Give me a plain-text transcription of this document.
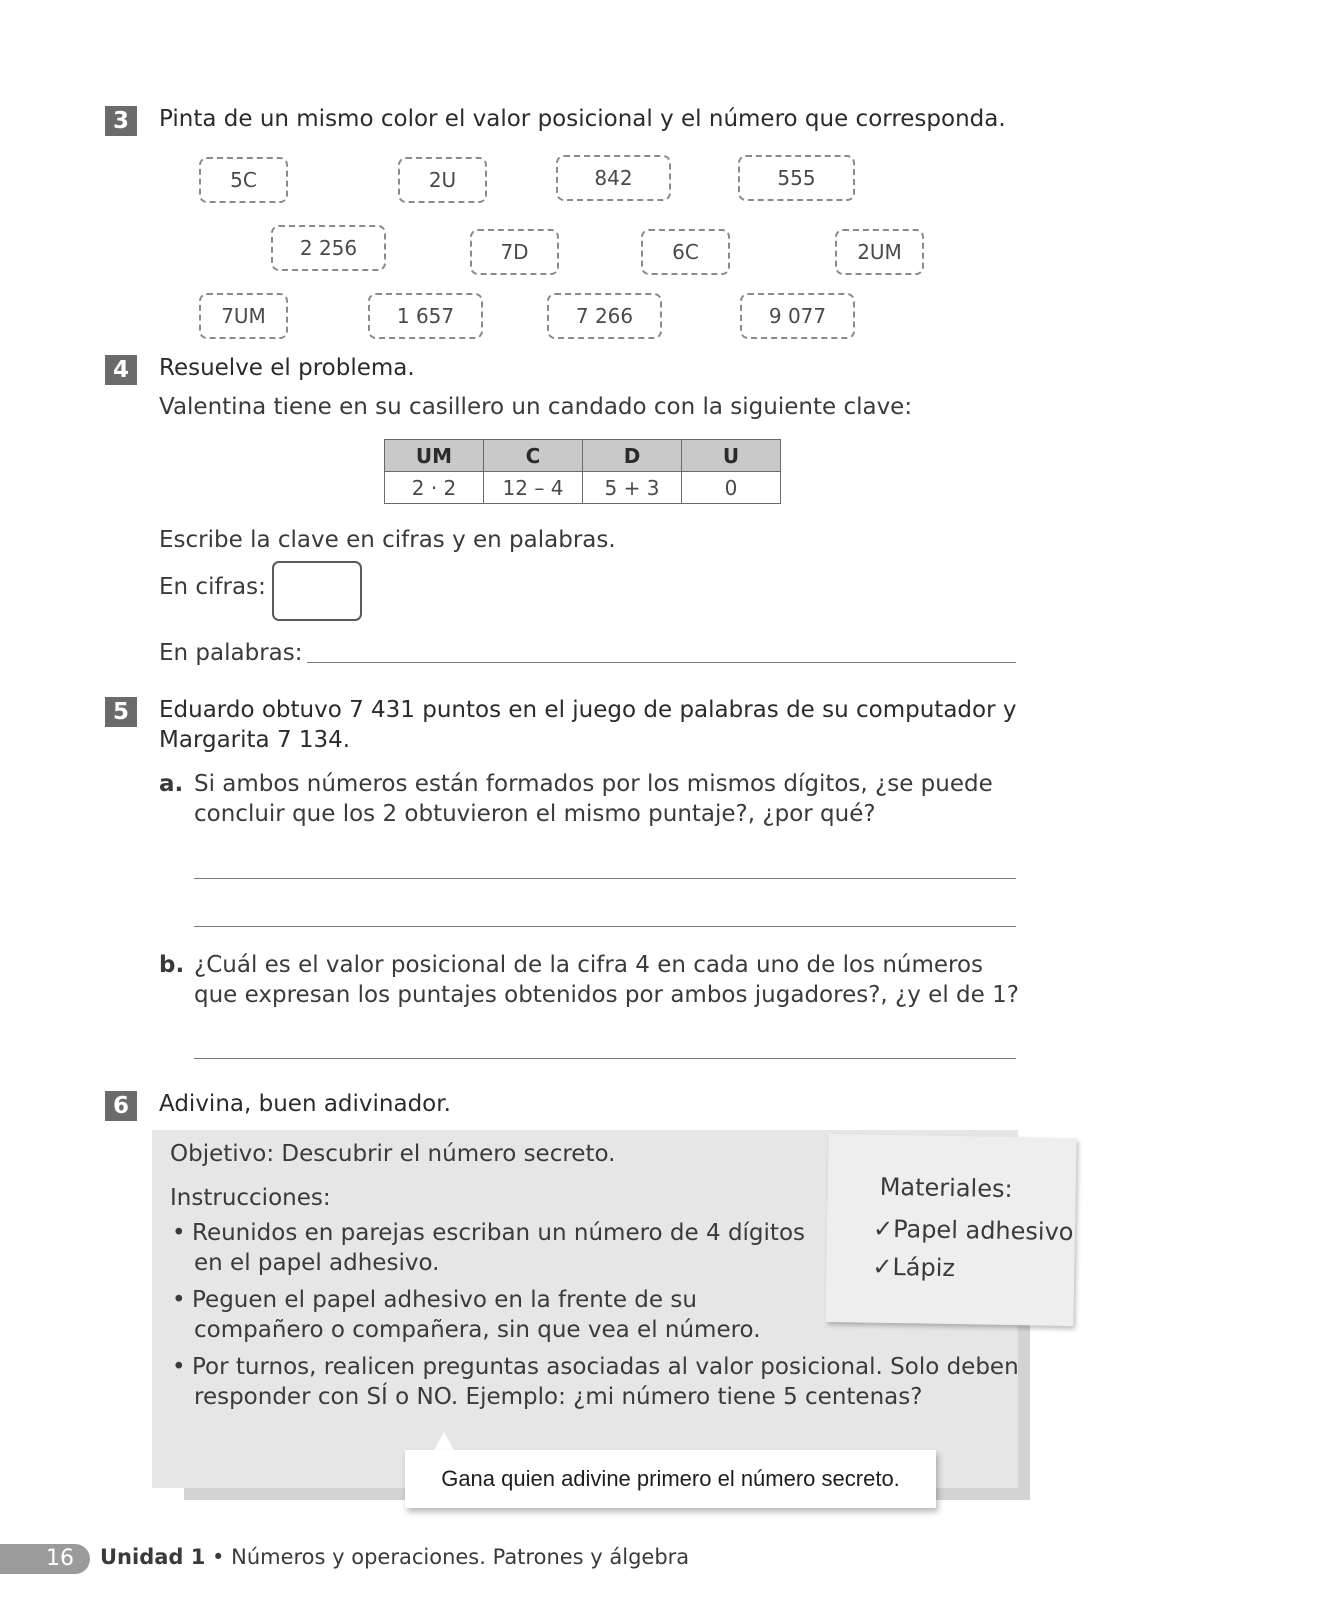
3	Pinta de un mismo color el valor posicional y el número que corresponda.
5C	2U	842	555
2 256	7D	6C	2UM
7UM	1 657	7 266	9 077
4	Resuelve el problema.
Valentina tiene en su casillero un candado con la siguiente clave:
UM	C	D	U
2 · 2	12 – 4	5 + 3	0
Escribe la clave en cifras y en palabras.
En cifras:
En palabras:
5	Eduardo obtuvo 7 431 puntos en el juego de palabras de su computador y
Margarita 7 134.
a. Si ambos números están formados por los mismos dígitos, ¿se puede
concluir que los 2 obtuvieron el mismo puntaje?, ¿por qué?
b. ¿Cuál es el valor posicional de la cifra 4 en cada uno de los números
que expresan los puntajes obtenidos por ambos jugadores?, ¿y el de 1?
6	Adivina, buen adivinador.
Objetivo: Descubrir el número secreto.
Instrucciones:
• Reunidos en parejas escriban un número de 4 dígitos
en el papel adhesivo.
• Peguen el papel adhesivo en la frente de su
compañero o compañera, sin que vea el número.
• Por turnos, realicen preguntas asociadas al valor posicional. Solo deben
responder con SÍ o NO. Ejemplo: ¿mi número tiene 5 centenas?
Materiales:
✓Papel adhesivo
✓Lápiz
Gana quien adivine primero el número secreto.
16 Unidad 1 • Números y operaciones. Patrones y álgebra
